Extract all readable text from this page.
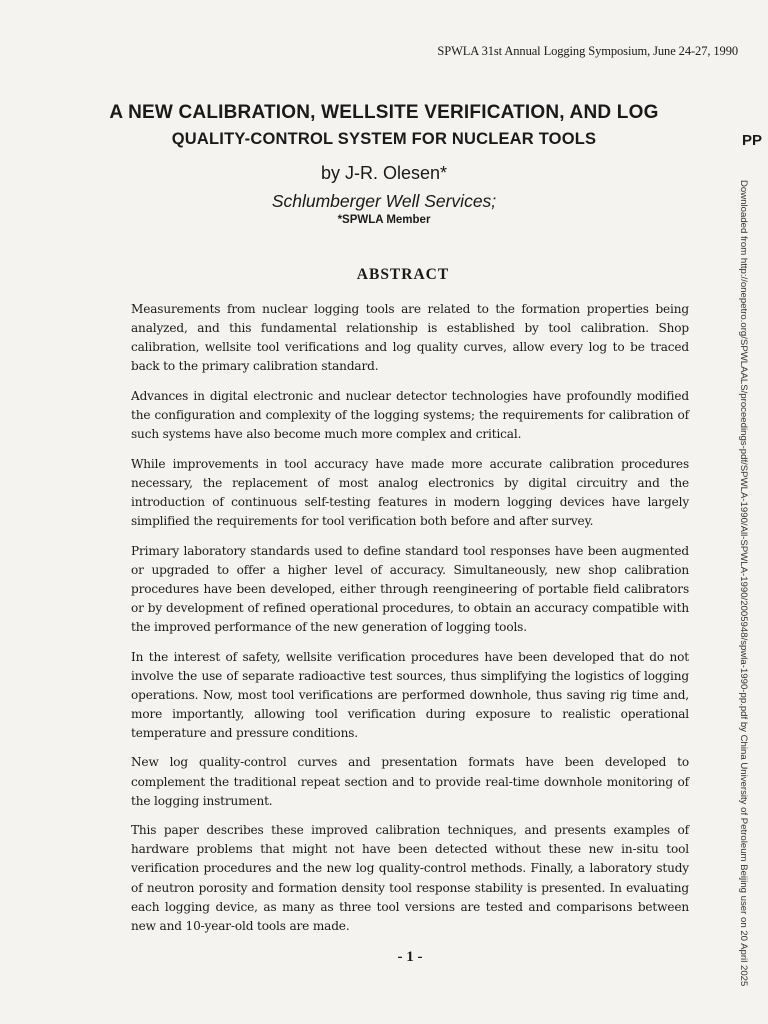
SPWLA 31st Annual Logging Symposium, June 24-27, 1990
PP
Downloaded from http://onepetro.org/SPWLAALS/proceedings-pdf/SPWLA-1990/All-SPWLA-1990/2005948/spwla-1990-pp.pdf by China University of Petroleum Beijing user on 20 April 2025
A NEW CALIBRATION, WELLSITE VERIFICATION, AND LOG
QUALITY-CONTROL SYSTEM FOR NUCLEAR TOOLS
by J-R. Olesen*
Schlumberger Well Services;
*SPWLA Member
ABSTRACT

Measurements from nuclear logging tools are related to the formation properties being analyzed, and this fundamental relationship is established by tool calibration. Shop calibration, wellsite tool verifications and log quality curves, allow every log to be traced back to the primary calibration standard.

Advances in digital electronic and nuclear detector technologies have profoundly modified the configuration and complexity of the logging systems; the requirements for calibration of such systems have also become much more complex and critical.

While improvements in tool accuracy have made more accurate calibration procedures necessary, the replacement of most analog electronics by digital circuitry and the introduction of continuous self-testing features in modern logging devices have largely simplified the requirements for tool verification both before and after survey.

Primary laboratory standards used to define standard tool responses have been augmented or upgraded to offer a higher level of accuracy. Simultaneously, new shop calibration procedures have been developed, either through reengineering of portable field calibrators or by development of refined operational procedures, to obtain an accuracy compatible with the improved performance of the new generation of logging tools.

In the interest of safety, wellsite verification procedures have been developed that do not involve the use of separate radioactive test sources, thus simplifying the logistics of logging operations. Now, most tool verifications are performed downhole, thus saving rig time and, more importantly, allowing tool verification during exposure to realistic operational temperature and pressure conditions.

New log quality-control curves and presentation formats have been developed to complement the traditional repeat section and to provide real-time downhole monitoring of the logging instrument.

This paper describes these improved calibration techniques, and presents examples of hardware problems that might not have been detected without these new in-situ tool verification procedures and the new log quality-control methods. Finally, a laboratory study of neutron porosity and formation density tool response stability is presented. In evaluating each logging device, as many as three tool versions are tested and comparisons between new and 10-year-old tools are made.

- 1 -
